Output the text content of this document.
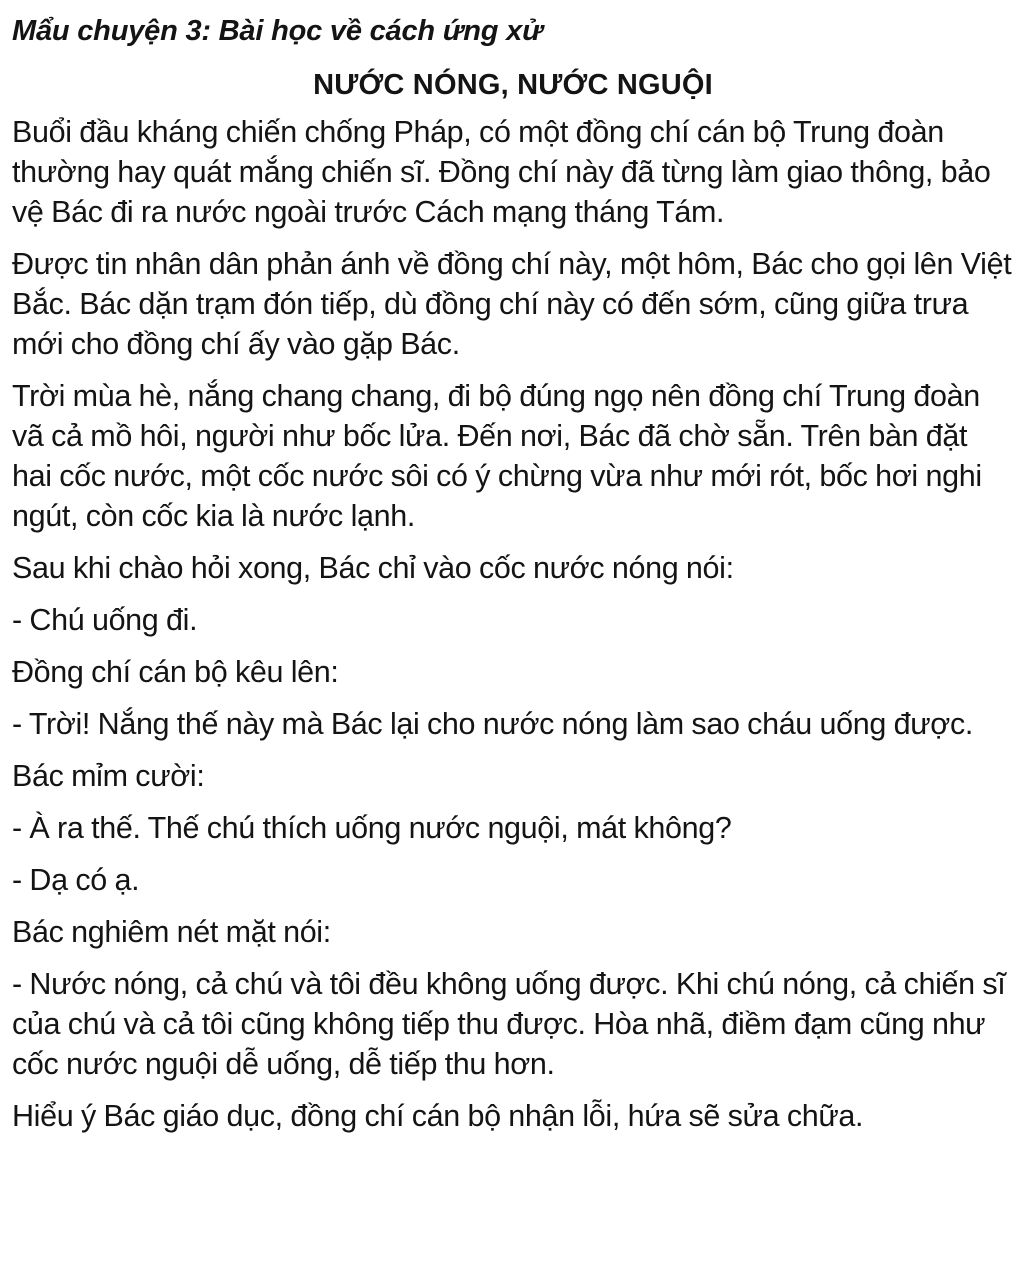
Mẩu chuyện 3: Bài học về cách ứng xử
NƯỚC NÓNG, NƯỚC NGUỘI

Buổi đầu kháng chiến chống Pháp, có một đồng chí cán bộ Trung đoàn thường hay quát mắng chiến sĩ. Đồng chí này đã từng làm giao thông, bảo vệ Bác đi ra nước ngoài trước Cách mạng tháng Tám.

Được tin nhân dân phản ánh về đồng chí này, một hôm, Bác cho gọi lên Việt Bắc. Bác dặn trạm đón tiếp, dù đồng chí này có đến sớm, cũng giữa trưa mới cho đồng chí ấy vào gặp Bác.

Trời mùa hè, nắng chang chang, đi bộ đúng ngọ nên đồng chí Trung đoàn vã cả mồ hôi, người như bốc lửa. Đến nơi, Bác đã chờ sẵn. Trên bàn đặt hai cốc nước, một cốc nước sôi có ý chừng vừa như mới rót, bốc hơi nghi ngút, còn cốc kia là nước lạnh.

Sau khi chào hỏi xong, Bác chỉ vào cốc nước nóng nói:

- Chú uống đi.

Đồng chí cán bộ kêu lên:

- Trời! Nắng thế này mà Bác lại cho nước nóng làm sao cháu uống được.

Bác mỉm cười:

- À ra thế. Thế chú thích uống nước nguội, mát không?

- Dạ có ạ.

Bác nghiêm nét mặt nói:

- Nước nóng, cả chú và tôi đều không uống được. Khi chú nóng, cả chiến sĩ của chú và cả tôi cũng không tiếp thu được. Hòa nhã, điềm đạm cũng như cốc nước nguội dễ uống, dễ tiếp thu hơn.

Hiểu ý Bác giáo dục, đồng chí cán bộ nhận lỗi, hứa sẽ sửa chữa.
